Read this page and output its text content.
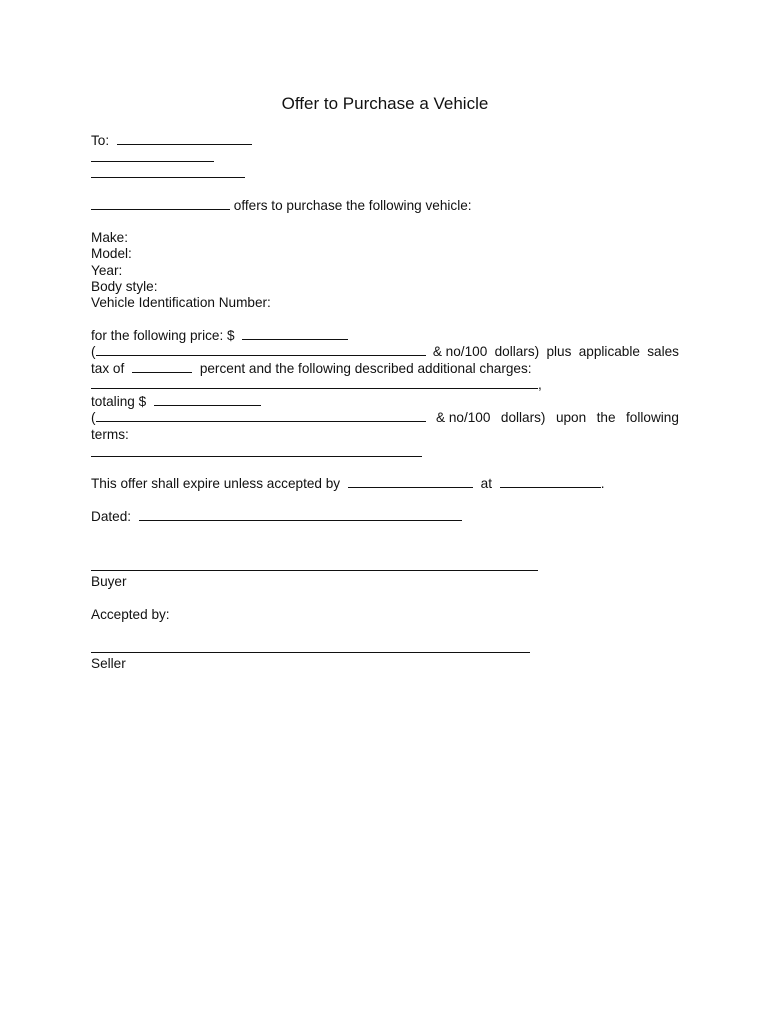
Offer to Purchase a Vehicle
To:
offers to purchase the following vehicle:
Make:
Model:
Year:
Body style:
Vehicle Identification Number:
for the following price: $
(	& no/100 dollars) plus applicable sales
tax of	percent and the following described additional charges:
,
totaling $
(	& no/100 dollars) upon the following
terms:
This offer shall expire unless accepted by	at	.
Dated:
Buyer
Accepted by:
Seller
